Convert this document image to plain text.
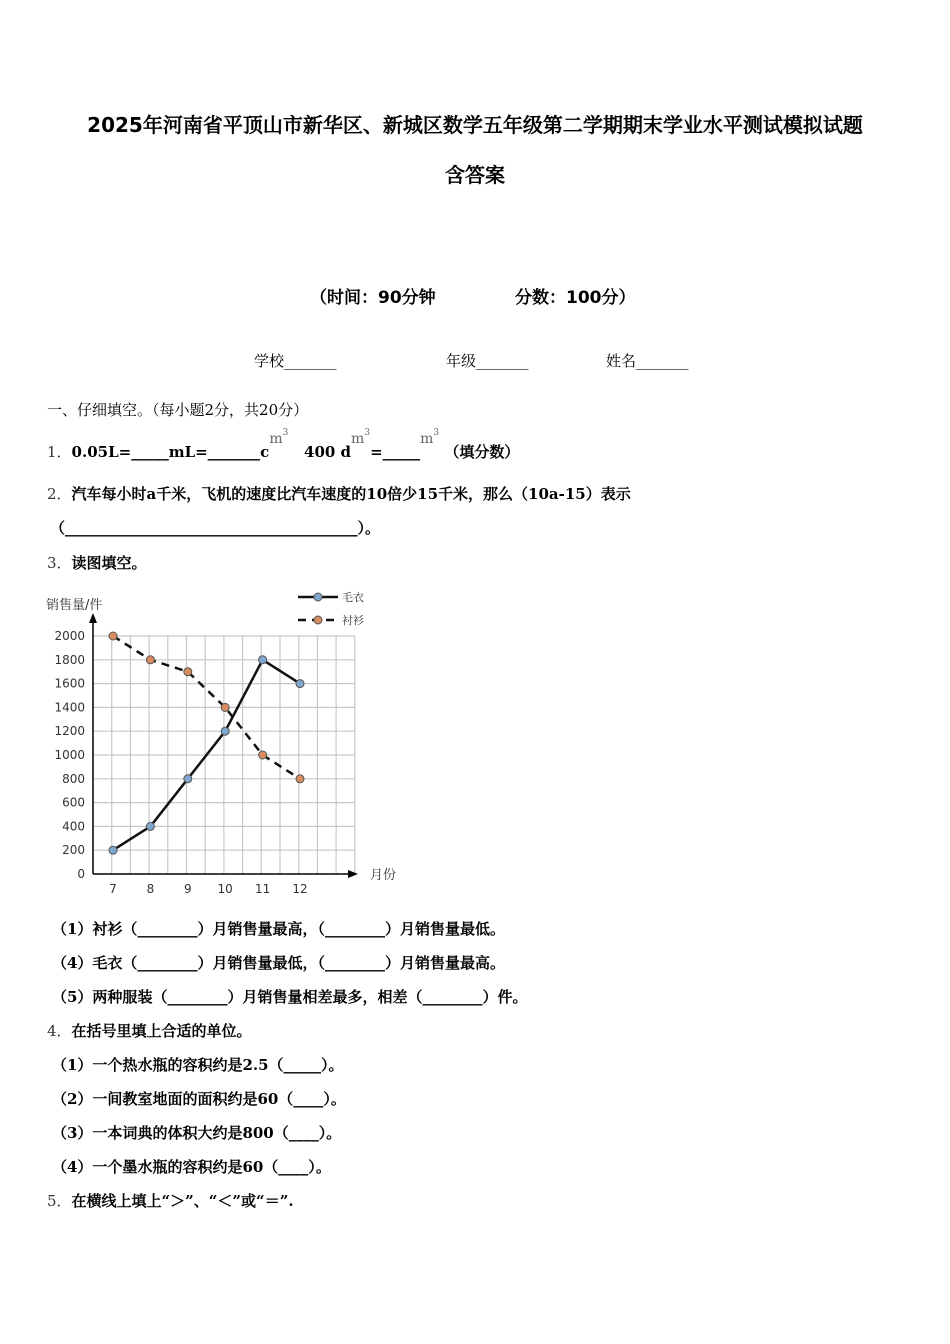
2025年河南省平顶山市新华区、新城区数学五年级第二学期期末学业水平测试模拟试题
含答案
（时间：90分钟	分数：100分）
学校_______	年级_______	姓名_______
一、仔细填空。（每小题2分，共20分）
1．$0.05L=\_\_\_\_\_mL=\_\_\_\_\_\_\_c^{m^3}$   400 $d^{m^3}=\_\_\_\_\_^{m^3}$ （填分数）
2．汽车每小时a千米，飞机的速度比汽车速度的10倍少15千米，那么（10a-15）表示
（_______________________________________）。
3．读图填空。
0
200
400
600
800
1000
1200
1400
1600
1800
2000
7 8 9 10 11 12
销售量/件
月份
毛衣
衬衫
（1）衬衫（________）月销售量最高，（________）月销售量最低。
（4）毛衣（________）月销售量最低，（________）月销售量最高。
（5）两种服装（________）月销售量相差最多，相差（________）件。
4．在括号里填上合适的单位。
（1）一个热水瓶的容积约是2.5（_____）。
（2）一间教室地面的面积约是60（____）。
（3）一本词典的体积大约是800（____）。
（4）一个墨水瓶的容积约是60（____）。
5．在横线上填上“＞”、“＜”或“＝”.
